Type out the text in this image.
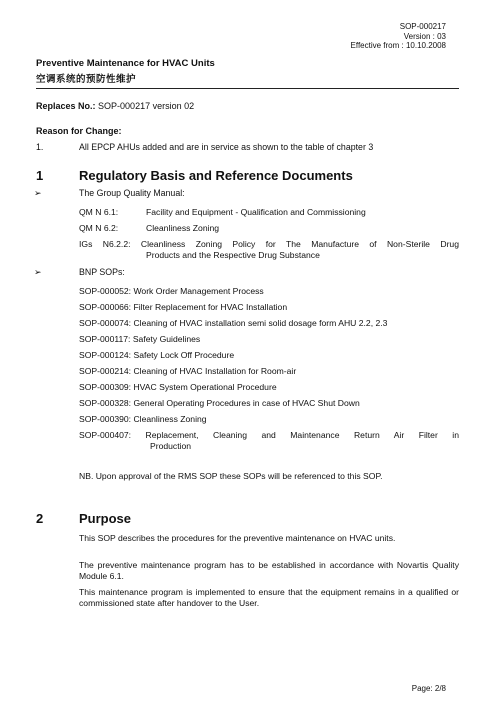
SOP-000217
Version : 03
Effective from : 10.10.2008
Preventive Maintenance for HVAC Units
空调系统的预防性维护
Replaces No.: SOP-000217 version 02
Reason for Change:
1.	All EPCP AHUs added and are in service as shown to the table of chapter 3
1	Regulatory Basis and Reference Documents
➢	The Group Quality Manual:
QM N 6.1:	Facility and Equipment - Qualification and Commissioning
QM N 6.2:	Cleanliness Zoning
IGs N6.2.2: Cleanliness Zoning Policy for The Manufacture of Non-Sterile Drug
Products and the Respective Drug Substance
➢	BNP SOPs:
SOP-000052: Work Order Management Process
SOP-000066: Filter Replacement for HVAC Installation
SOP-000074: Cleaning of HVAC installation semi solid dosage form AHU 2.2, 2.3
SOP-000117: Safety Guidelines
SOP-000124: Safety Lock Off Procedure
SOP-000214: Cleaning of HVAC Installation for Room-air
SOP-000309: HVAC System Operational Procedure
SOP-000328: General Operating Procedures in case of HVAC Shut Down
SOP-000390: Cleanliness Zoning
SOP-000407: Replacement, Cleaning and Maintenance Return Air Filter in
Production
NB. Upon approval of the RMS SOP these SOPs will be referenced to this SOP.
2	Purpose
This SOP describes the procedures for the preventive maintenance on HVAC units.
The preventive maintenance program has to be established in accordance with Novartis Quality Module 6.1.
This maintenance program is implemented to ensure that the equipment remains in a qualified or commissioned state after handover to the User.
Page: 2/8
